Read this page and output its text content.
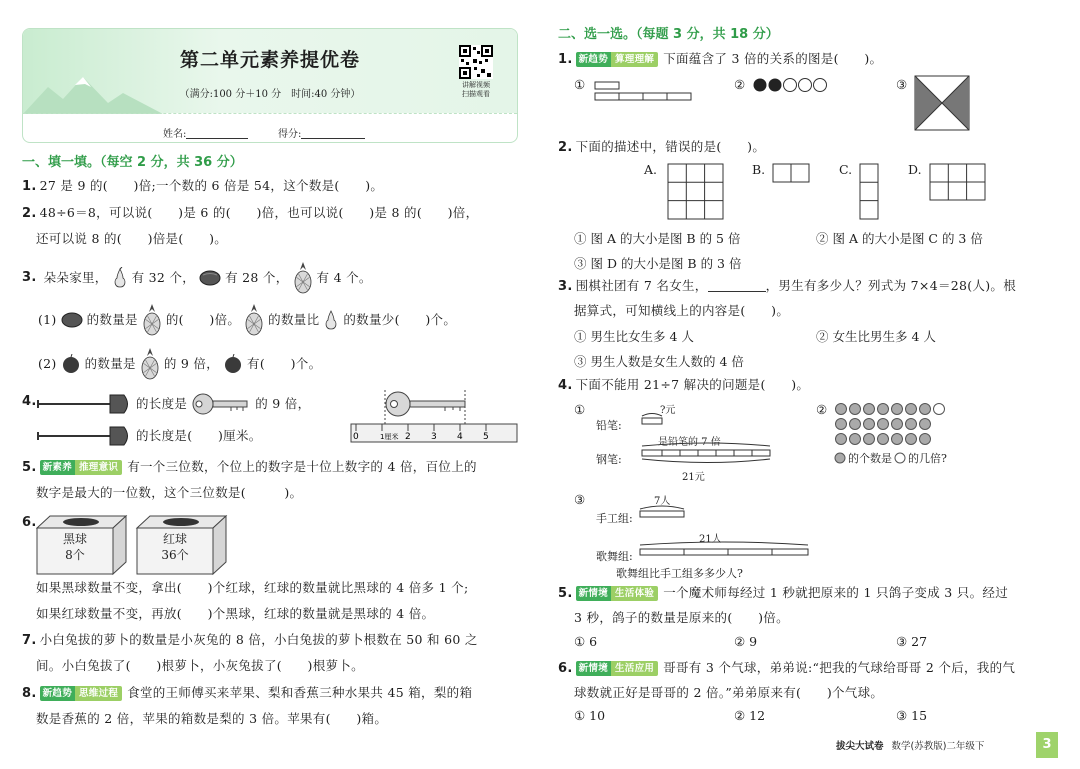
第二单元素养提优卷
（满分:100 分＋10 分　时间:40 分钟）
讲解视频
扫描观看
姓名:	得分:
一、填一填。（每空 2 分，共 36 分）
1. 27 是 9 的(　　)倍;一个数的 6 倍是 54，这个数是(　　)。
2. 48÷6＝8，可以说(　　)是 6 的(　　)倍，也可以说(　　)是 8 的(　　)倍，
还可以说 8 的(　　)倍是(　　)。
3. 朵朵家里， 有 32 个， 有 28 个， 有 4 个。
(1) 的数量是 的(　　)倍。 的数量比 的数量少(　　)个。
(2) 的数量是 的 9 倍， 有(　　)个。
4.	的长度是	的 9 倍，
的长度是(　　)厘米。	0	1厘米 2 3 4 5
5. 新素养 推理意识 有一个三位数，个位上的数字是十位上数字的 4 倍，百位上的
数字是最大的一位数，这个三位数是(　　　)。
6.
黑球
8个
红球
36个
如果黑球数量不变，拿出(　　)个红球，红球的数量就比黑球的 4 倍多 1 个;
如果红球数量不变，再放(　　)个黑球，红球的数量就是黑球的 4 倍。
7. 小白兔拔的萝卜的数量是小灰兔的 8 倍，小白兔拔的萝卜根数在 50 和 60 之
间。小白兔拔了(　　)根萝卜，小灰兔拔了(　　)根萝卜。
8. 新趋势 思维过程 食堂的王师傅买来苹果、梨和香蕉三种水果共 45 箱，梨的箱
数是香蕉的 2 倍，苹果的箱数是梨的 3 倍。苹果有(　　)箱。
二、选一选。（每题 3 分，共 18 分）
1. 新趋势 算理理解 下面蕴含了 3 倍的关系的图是(　　)。
①	②	③
2. 下面的描述中，错误的是(　　)。
A.	B.	C.	D.
① 图 A 的大小是图 B 的 5 倍	② 图 A 的大小是图 C 的 3 倍
③ 图 D 的大小是图 B 的 3 倍
3. 围棋社团有 7 名女生，	，男生有多少人？列式为 7×4＝28(人)。根
据算式，可知横线上的内容是(　　)。
① 男生比女生多 4 人	② 女生比男生多 4 人
③ 男生人数是女生人数的 4 倍
4. 下面不能用 21÷7 解决的问题是(　　)。
①
铅笔:
钢笔:
?元
是铅笔的 7 倍
21元
②
的个数是 的几倍?
③
手工组:
歌舞组:
7人
21人
歌舞组比手工组多多少人?
5. 新情境 生活体验 一个魔术师每经过 1 秒就把原来的 1 只鸽子变成 3 只。经过
3 秒，鸽子的数量是原来的(　　)倍。
① 6	② 9	③ 27
6. 新情境 生活应用 哥哥有 3 个气球，弟弟说:“把我的气球给哥哥 2 个后，我的气
球数就正好是哥哥的 2 倍。”弟弟原来有(　　)个气球。
① 10	② 12	③ 15
拔尖大试卷 数学(苏教版)二年级下	3
